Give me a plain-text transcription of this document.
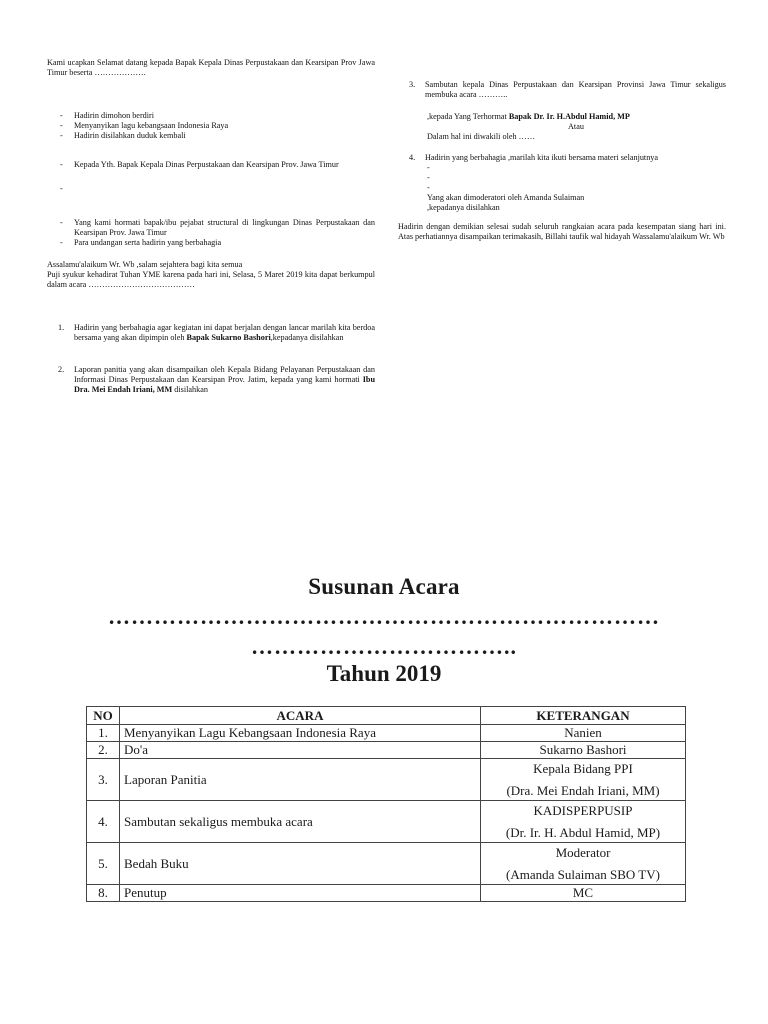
Kami ucapkan Selamat datang kepada Bapak Kepala Dinas Perpustakaan dan Kearsipan Prov Jawa Timur beserta ……………….

- Hadirin dimohon berdiri
- Menyanyikan lagu kebangsaan Indonesia Raya
- Hadirin disilahkan duduk kembali
- Kepada Yth. Bapak Kepala Dinas Perpustakaan dan Kearsipan Prov. Jawa Timur
-
- Yang kami hormati bapak/ibu pejabat structural di lingkungan Dinas Perpustakaan dan Kearsipan Prov. Jawa Timur
- Para undangan serta hadirin yang berbahagia

Assalamu'alaikum Wr. Wb ,salam sejahtera bagi kita semua

Puji syukur kehadirat Tuhan YME karena pada hari ini, Selasa, 5 Maret 2019 kita dapat berkumpul dalam acara …………………………………

1. Hadirin yang berbahagia agar kegiatan ini dapat berjalan dengan lancar marilah kita berdoa bersama yang akan dipimpin oleh Bapak Sukarno Bashori,kepadanya disilahkan
2. Laporan panitia yang akan disampaikan oleh Kepala Bidang Pelayanan Perpustakaan dan Informasi Dinas Perpustakaan dan Kearsipan Prov. Jatim, kepada yang kami hormati Ibu Dra. Mei Endah Iriani, MM disilahkan
3. Sambutan kepala Dinas Perpustakaan dan Kearsipan Provinsi Jawa Timur sekaligus membuka acara ………..
,kepada Yang Terhormat Bapak Dr. Ir. H.Abdul Hamid, MP
Atau
Dalam hal ini diwakili oleh ……
4. Hadirin yang berbahagia ,marilah kita ikuti bersama materi selanjutnya
-
-
-
Yang akan dimoderatori oleh Amanda Sulaiman
,kepadanya disilahkan

Hadirin dengan demikian selesai sudah seluruh rangkaian acara pada kesempatan siang hari ini. Atas perhatiannya disampaikan terimakasih, Billahi taufik wal hidayah Wassalamu'alaikum Wr. Wb

Susunan Acara
………………………………………………………………
……………………………..
Tahun 2019
NO	ACARA	KETERANGAN
1.	Menyanyikan Lagu Kebangsaan Indonesia Raya	Nanien
2.	Do'a	Sukarno Bashori
3.	Laporan Panitia	Kepala Bidang PPI
(Dra. Mei Endah Iriani, MM)

4.	Sambutan sekaligus membuka acara	KADISPERPUSIP
(Dr. Ir. H. Abdul Hamid, MP)

5.	Bedah Buku	Moderator
(Amanda Sulaiman SBO TV)

8.	Penutup	MC
